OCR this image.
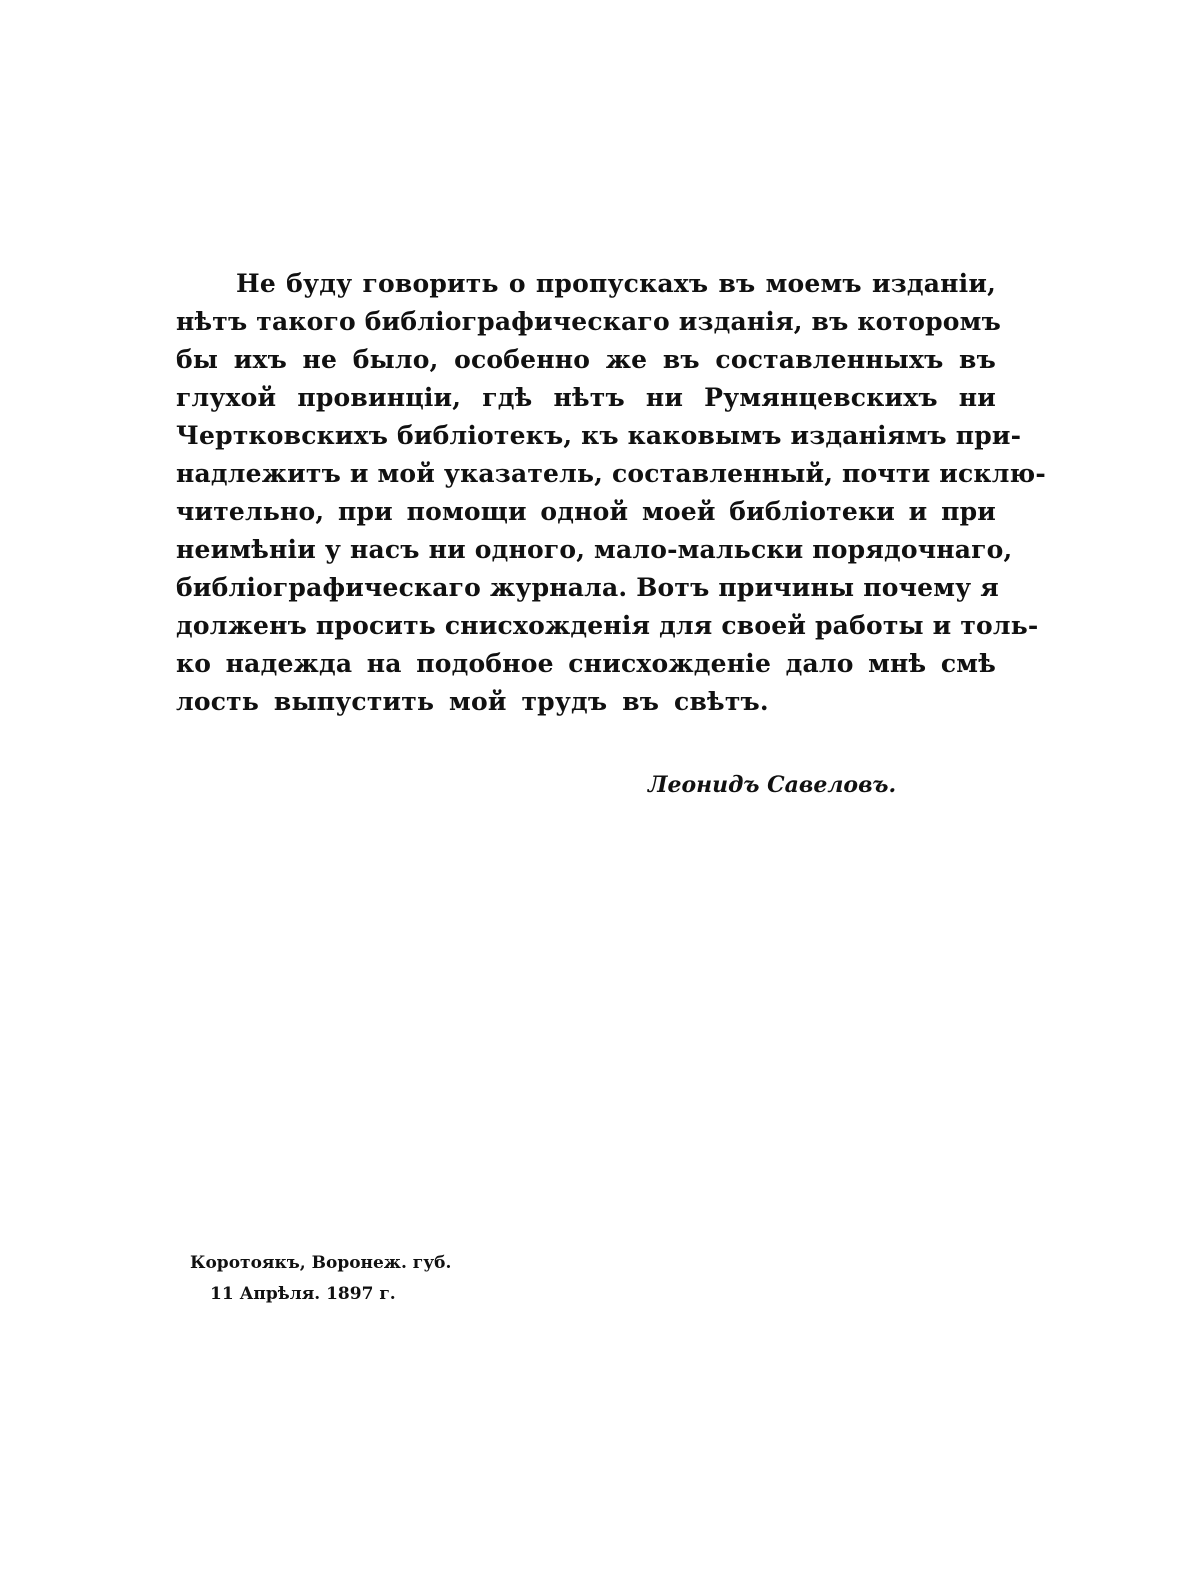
Не буду говорить о пропускахъ въ моемъ изданіи,
нѣтъ такого библіографическаго изданія, въ которомъ
бы ихъ не было, особенно же въ составленныхъ въ
глухой провинціи, гдѣ нѣтъ ни Румянцевскихъ ни
Чертковскихъ библіотекъ, къ каковымъ изданіямъ при-
надлежитъ и мой указатель, составленный, почти исклю-
чительно, при помощи одной моей библіотеки и при
неимѣніи у насъ ни одного, мало-мальски порядочнаго,
библіографическаго журнала. Вотъ причины почему я
долженъ просить снисхожденія для своей работы и толь-
ко надежда на подобное снисхожденіе дало мнѣ смѣ
лость выпустить мой трудъ въ свѣтъ.
Леонидъ Савеловъ.
Коротоякъ, Воронеж. губ.
11 Апрѣля. 1897 г.
